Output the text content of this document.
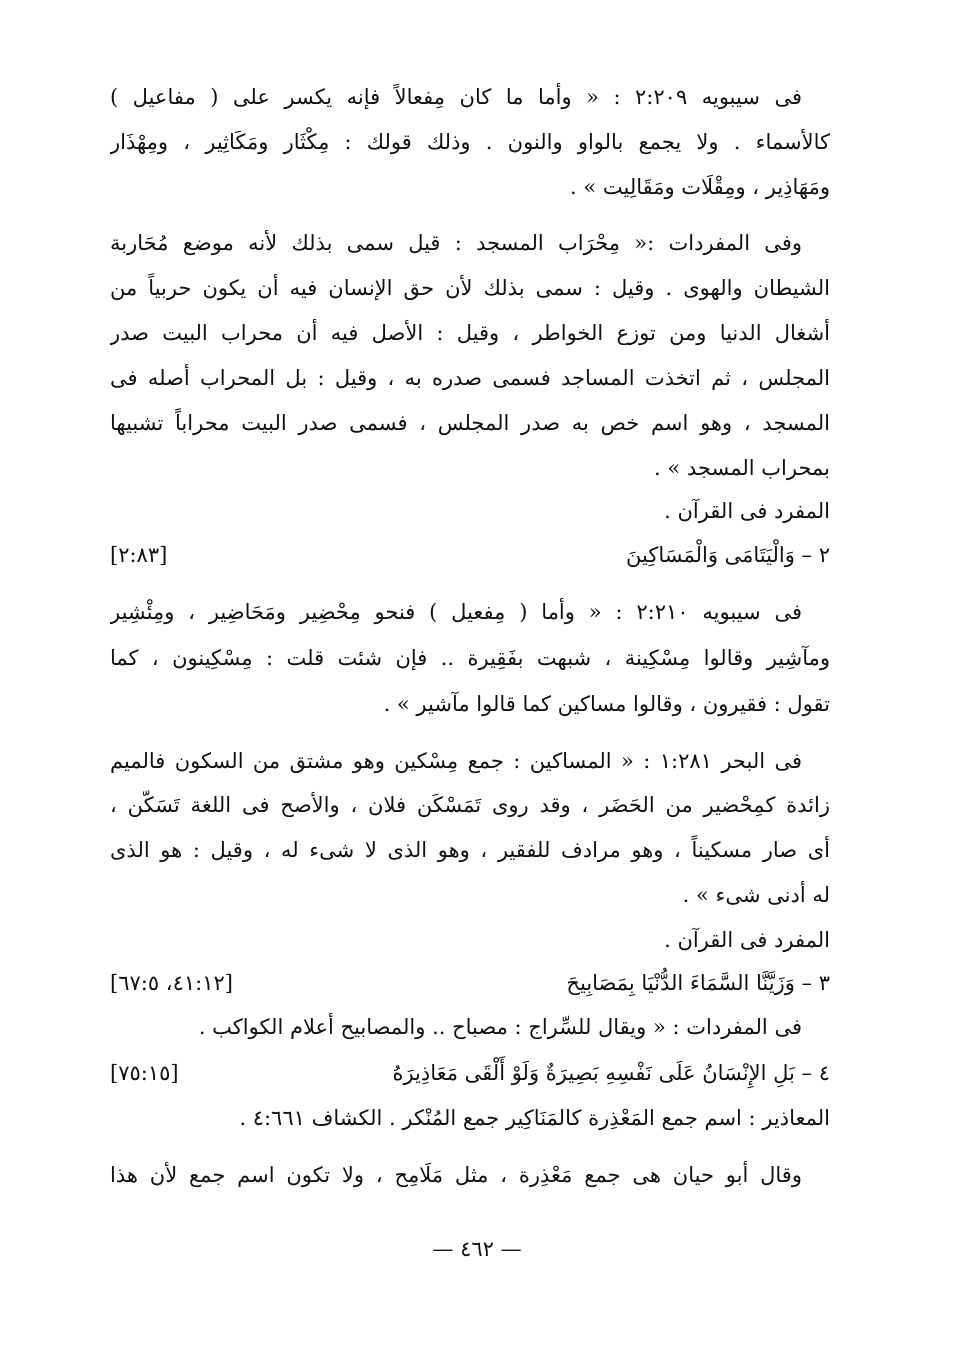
فى سيبويه ٢:٢٠٩ : « وأما ما كان مِفعالاً فإنه يكسر على ( مفاعيل )
كالأسماء . ولا يجمع بالواو والنون . وذلك قولك : مِكْثَار ومَكَاثِير ، ومِهْذَار
ومَهَاذِير ، ومِقْلَات ومَقَالِيت » .
وفى المفردات :« مِحْرَاب المسجد : قيل سمى بذلك لأنه موضع مُحَاربة
الشيطان والهوى . وقيل : سمى بذلك لأن حق الإنسان فيه أن يكون حربياً من
أشغال الدنيا ومن توزع الخواطر ، وقيل : الأصل فيه أن محراب البيت صدر
المجلس ، ثم اتخذت المساجد فسمى صدره به ، وقيل : بل المحراب أصله فى
المسجد ، وهو اسم خص به صدر المجلس ، فسمى صدر البيت محراباً تشبيها
بمحراب المسجد » .
المفرد فى القرآن .
٢ – وَالْيَتَامَى وَالْمَسَاكِينَ
[٢:٨٣]
فى سيبويه ٢:٢١٠ : « وأما ( مِفعيل ) فنحو مِحْضِير ومَحَاضِير ، ومِئْشِير
ومآشِير وقالوا مِسْكِينة ، شبهت بفَقِيرة .. فإن شئت قلت : مِسْكِينون ، كما
تقول : فقيرون ، وقالوا مساكين كما قالوا مآشير » .
فى البحر ١:٢٨١ : « المساكين : جمع مِسْكين وهو مشتق من السكون فالميم
زائدة كمِحْضير من الحَضَر ، وقد روى تَمَسْكَن فلان ، والأصح فى اللغة تَسَكَّن ،
أى صار مسكيناً ، وهو مرادف للفقير ، وهو الذى لا شىء له ، وقيل : هو الذى
له أدنى شىء » .
المفرد فى القرآن .
٣ – وَزَيَّنَّا السَّمَاءَ الدُّنْيَا بِمَصَابِيحَ
[٤١:١٢، ٦٧:٥]
فى المفردات : « ويقال للسِّراج : مصباح .. والمصابيح أعلام الكواكب .
٤ – بَلِ الإِنْسَانُ عَلَى نَفْسِهِ بَصِيرَةٌ وَلَوْ أَلْقَى مَعَاذِيرَهُ
[٧٥:١٥]
المعاذير : اسم جمع المَعْذِرة كالمَنَاكِير جمع المُنْكر . الكشاف ٤:٦٦١ .
وقال أبو حيان هى جمع مَعْذِرة ، مثل مَلَامِح ، ولا تكون اسم جمع لأن هذا
— ٤٦٢ —
